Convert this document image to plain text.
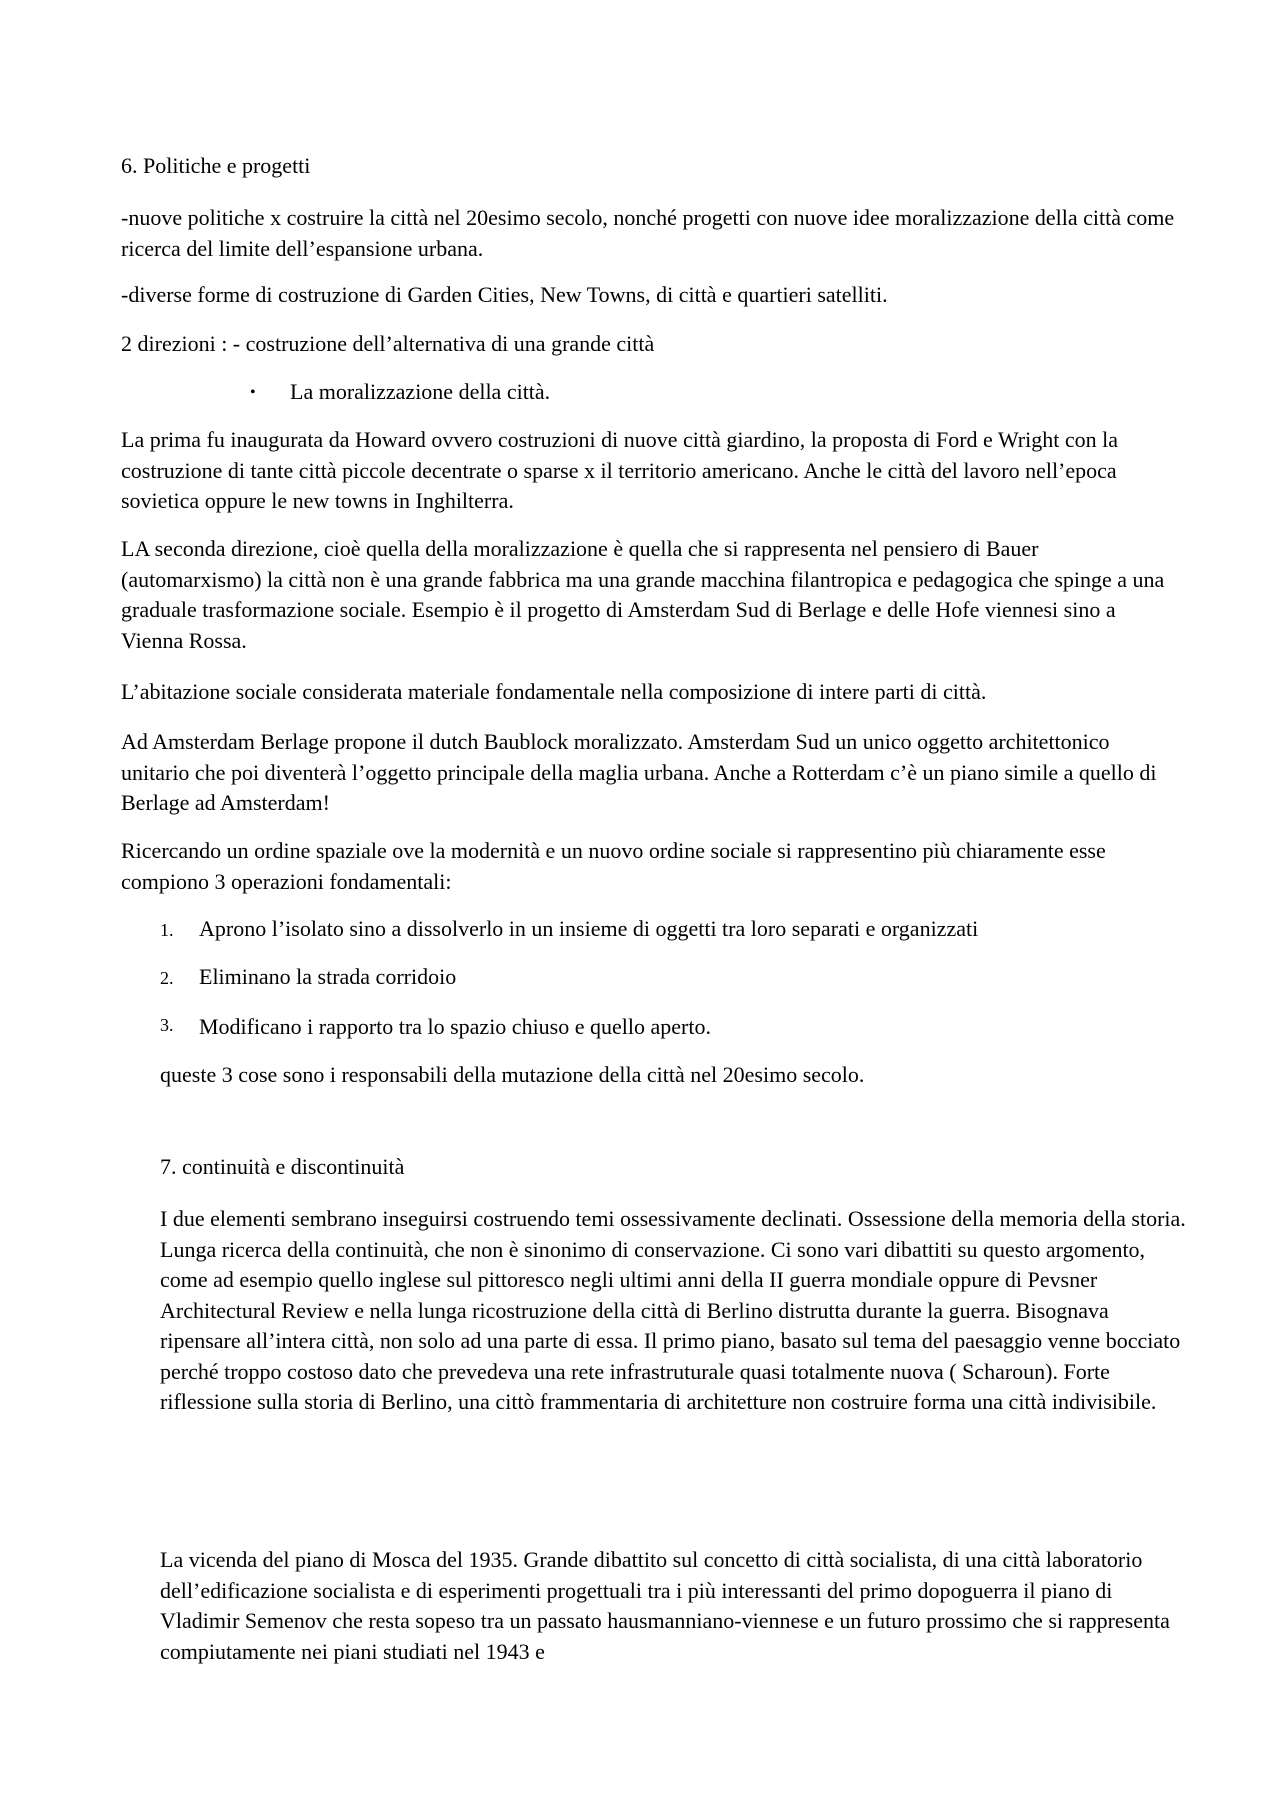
6. Politiche e progetti

-nuove politiche x costruire la città nel 20esimo secolo, nonché progetti con nuove idee moralizzazione della città come ricerca del limite dell’espansione urbana.

-diverse forme di costruzione di Garden Cities, New Towns, di città e quartieri satelliti.

2 direzioni : - costruzione dell’alternativa di una grande città

• La moralizzazione della città.

La prima fu inaugurata da Howard ovvero costruzioni di nuove città giardino, la proposta di Ford e Wright con la costruzione di tante città piccole decentrate o sparse x il territorio americano. Anche le città del lavoro nell’epoca sovietica oppure le new towns in Inghilterra.

LA seconda direzione, cioè quella della moralizzazione è quella che si rappresenta nel pensiero di Bauer (automarxismo) la città non è una grande fabbrica ma una grande macchina filantropica e pedagogica che spinge a una graduale trasformazione sociale. Esempio è il progetto di Amsterdam Sud di Berlage e delle Hofe viennesi sino a Vienna Rossa.

L’abitazione sociale considerata materiale fondamentale nella composizione di intere parti di città.

Ad Amsterdam Berlage propone il dutch Baublock moralizzato. Amsterdam Sud un unico oggetto architettonico unitario che poi diventerà l’oggetto principale della maglia urbana. Anche a Rotterdam c’è un piano simile a quello di Berlage ad Amsterdam!

Ricercando un ordine spaziale ove la modernità e un nuovo ordine sociale si rappresentino più chiaramente esse compiono 3 operazioni fondamentali:

1. Aprono l’isolato sino a dissolverlo in un insieme di oggetti tra loro separati e organizzati
2. Eliminano la strada corridoio
3. Modificano i rapporto tra lo spazio chiuso e quello aperto.

queste 3 cose sono i responsabili della mutazione della città nel 20esimo secolo.

7. continuità e discontinuità

I due elementi sembrano inseguirsi costruendo temi ossessivamente declinati. Ossessione della memoria della storia. Lunga ricerca della continuità, che non è sinonimo di conservazione. Ci sono vari dibattiti su questo argomento, come ad esempio quello inglese sul pittoresco negli ultimi anni della II guerra mondiale oppure di Pevsner Architectural Review e nella lunga ricostruzione della città di Berlino distrutta durante la guerra. Bisognava ripensare all’intera città, non solo ad una parte di essa. Il primo piano, basato sul tema del paesaggio venne bocciato perché troppo costoso dato che prevedeva una rete infrastruturale quasi totalmente nuova ( Scharoun). Forte riflessione sulla storia di Berlino, una cittò frammentaria di architetture non costruire forma una città indivisibile.

La vicenda del piano di Mosca del 1935. Grande dibattito sul concetto di città socialista, di una città laboratorio dell’edificazione socialista e di esperimenti progettuali tra i più interessanti del primo dopoguerra il piano di Vladimir Semenov che resta sopeso tra un passato hausmanniano-viennese e un futuro prossimo che si rappresenta compiutamente nei piani studiati nel 1943 e
